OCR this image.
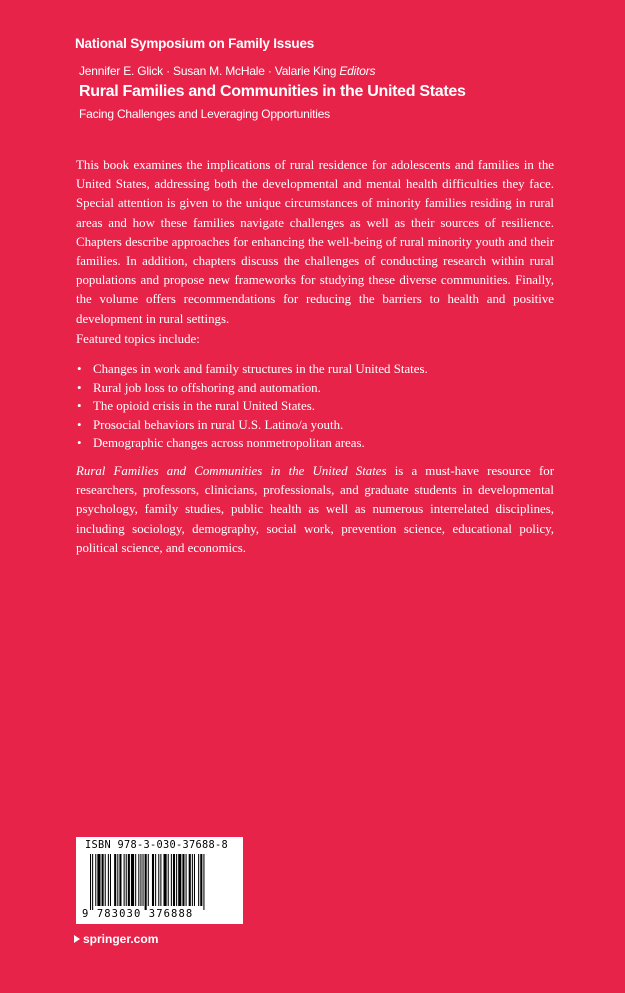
National Symposium on Family Issues
Jennifer E. Glick · Susan M. McHale · Valarie King Editors
Rural Families and Communities in the United States
Facing Challenges and Leveraging Opportunities

This book examines the implications of rural residence for adolescents and families in the United States, addressing both the developmental and mental health difficulties they face. Special attention is given to the unique circumstances of minority families residing in rural areas and how these families navigate challenges as well as their sources of resilience. Chapters describe approaches for enhancing the well-being of rural minority youth and their families. In addition, chapters discuss the challenges of conducting research within rural populations and propose new frameworks for studying these diverse communities. Finally, the volume offers recommendations for reducing the barriers to health and positive development in rural settings.

Featured topics include:
• Changes in work and family structures in the rural United States.
• Rural job loss to offshoring and automation.
• The opioid crisis in the rural United States.
• Prosocial behaviors in rural U.S. Latino/a youth.
• Demographic changes across nonmetropolitan areas.

Rural Families and Communities in the United States is a must-have resource for researchers, professors, clinicians, professionals, and graduate students in developmental psychology, family studies, public health as well as numerous interrelated disciplines, including sociology, demography, social work, prevention science, educational policy, political science, and economics.

ISBN 978-3-030-37688-8
9 783030 376888
springer.com
